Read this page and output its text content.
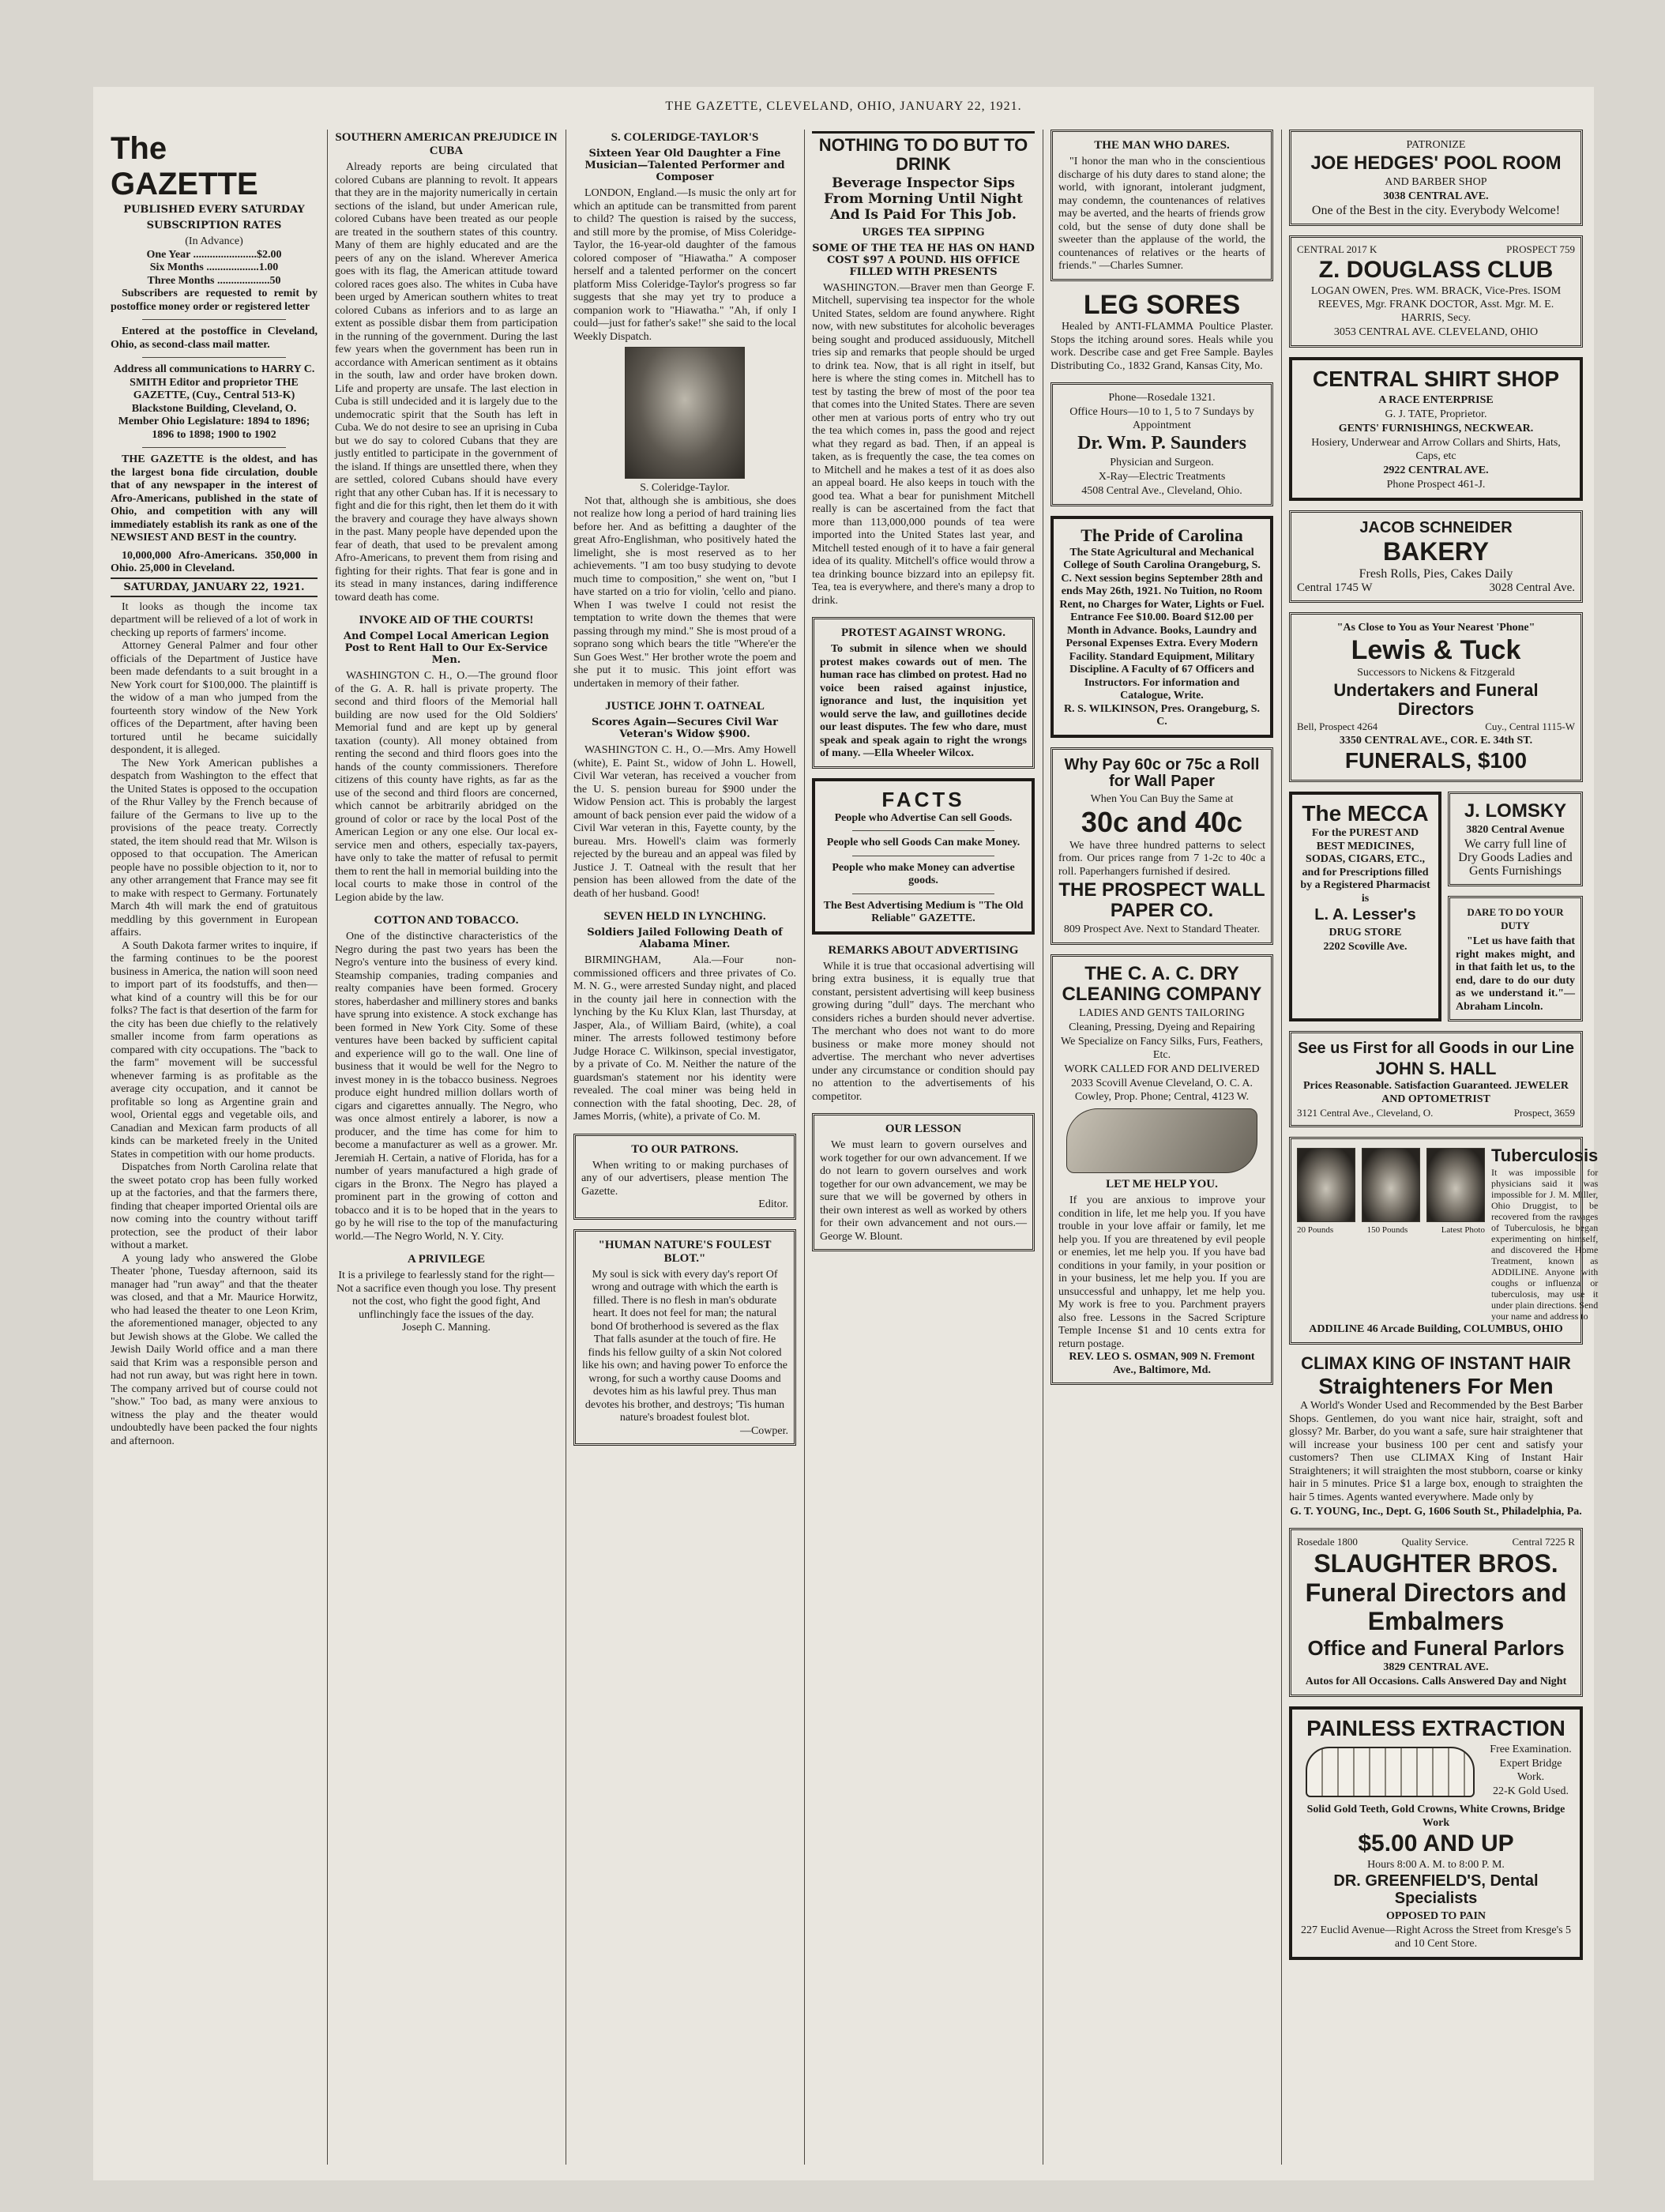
THE GAZETTE, CLEVELAND, OHIO, JANUARY 22, 1921.
The GAZETTE
PUBLISHED EVERY SATURDAY
SUBSCRIPTION RATES

(In Advance)

One Year .......................$2.00

Six Months ...................1.00

Three Months ...................50

Subscribers are requested to remit by postoffice money order or registered letter

Entered at the postoffice in Cleveland, Ohio, as second-class mail matter.

Address all communications to HARRY C. SMITH Editor and proprietor THE GAZETTE, (Cuy., Central 513-K) Blackstone Building, Cleveland, O. Member Ohio Legislature: 1894 to 1896; 1896 to 1898; 1900 to 1902

THE GAZETTE is the oldest, and has the largest bona fide circulation, double that of any newspaper in the interest of Afro-Americans, published in the state of Ohio, and competition with any will immediately establish its rank as one of the NEWSIEST AND BEST in the country.

10,000,000 Afro-Americans. 350,000 in Ohio. 25,000 in Cleveland.

SATURDAY, JANUARY 22, 1921.

It looks as though the income tax department will be relieved of a lot of work in checking up reports of farmers' income.

Attorney General Palmer and four other officials of the Department of Justice have been made defendants to a suit brought in a New York court for $100,000. The plaintiff is the widow of a man who jumped from the fourteenth story window of the New York offices of the Department, after having been tortured until he became suicidally despondent, it is alleged.

The New York American publishes a despatch from Washington to the effect that the United States is opposed to the occupation of the Rhur Valley by the French because of failure of the Germans to live up to the provisions of the peace treaty. Correctly stated, the item should read that Mr. Wilson is opposed to that occupation. The American people have no possible objection to it, nor to any other arrangement that France may see fit to make with respect to Germany. Fortunately March 4th will mark the end of gratuitous meddling by this government in European affairs.

A South Dakota farmer writes to inquire, if the farming continues to be the poorest business in America, the nation will soon need to import part of its foodstuffs, and then—what kind of a country will this be for our folks? The fact is that desertion of the farm for the city has been due chiefly to the relatively smaller income from farm operations as compared with city occupations. The "back to the farm" movement will be successful whenever farming is as profitable as the average city occupation, and it cannot be profitable so long as Argentine grain and wool, Oriental eggs and vegetable oils, and Canadian and Mexican farm products of all kinds can be marketed freely in the United States in competition with our home products.

Dispatches from North Carolina relate that the sweet potato crop has been fully worked up at the factories, and that the farmers there, finding that cheaper imported Oriental oils are now coming into the country without tariff protection, see the product of their labor without a market.

A young lady who answered the Globe Theater 'phone, Tuesday afternoon, said its manager had "run away" and that the theater was closed, and that a Mr. Maurice Horwitz, who had leased the theater to one Leon Krim, the aforementioned manager, objected to any but Jewish shows at the Globe. We called the Jewish Daily World office and a man there said that Krim was a responsible person and had not run away, but was right here in town. The company arrived but of course could not "show." Too bad, as many were anxious to witness the play and the theater would undoubtedly have been packed the four nights and afternoon.

SOUTHERN AMERICAN PREJUDICE IN CUBA

Already reports are being circulated that colored Cubans are planning to revolt. It appears that they are in the majority numerically in certain sections of the island, but under American rule, colored Cubans have been treated as our people are treated in the southern states of this country. Many of them are highly educated and are the peers of any on the island. Wherever America goes with its flag, the American attitude toward colored races goes also. The whites in Cuba have been urged by American southern whites to treat colored Cubans as inferiors and to as large an extent as possible disbar them from participation in the running of the government. During the last few years when the government has been run in accordance with American sentiment as it obtains in the south, law and order have broken down. Life and property are unsafe. The last election in Cuba is still undecided and it is largely due to the undemocratic spirit that the South has left in Cuba. We do not desire to see an uprising in Cuba but we do say to colored Cubans that they are justly entitled to participate in the government of the island. If things are unsettled there, when they are settled, colored Cubans should have every right that any other Cuban has. If it is necessary to fight and die for this right, then let them do it with the bravery and courage they have always shown in the past. Many people have depended upon the fear of death, that used to be prevalent among Afro-Americans, to prevent them from rising and fighting for their rights. That fear is gone and in its stead in many instances, daring indifference toward death has come.

INVOKE AID OF THE COURTS!
And Compel Local American Legion Post to Rent Hall to Our Ex-Service Men.

WASHINGTON C. H., O.—The ground floor of the G. A. R. hall is private property. The second and third floors of the Memorial hall building are now used for the Old Soldiers' Memorial fund and are kept up by general taxation (county). All money obtained from renting the second and third floors goes into the hands of the county commissioners. Therefore citizens of this county have rights, as far as the use of the second and third floors are concerned, which cannot be arbitrarily abridged on the ground of color or race by the local Post of the American Legion or any one else. Our local ex-service men and others, especially tax-payers, have only to take the matter of refusal to permit them to rent the hall in memorial building into the local courts to make those in control of the Legion abide by the law.

COTTON AND TOBACCO.

One of the distinctive characteristics of the Negro during the past two years has been the Negro's venture into the business of every kind. Steamship companies, trading companies and realty companies have been formed. Grocery stores, haberdasher and millinery stores and banks have sprung into existence. A stock exchange has been formed in New York City. Some of these ventures have been backed by sufficient capital and experience will go to the wall. One line of business that it would be well for the Negro to invest money in is the tobacco business. Negroes produce eight hundred million dollars worth of cigars and cigarettes annually. The Negro, who was once almost entirely a laborer, is now a producer, and the time has come for him to become a manufacturer as well as a grower. Mr. Jeremiah H. Certain, a native of Florida, has for a number of years manufactured a high grade of cigars in the Bronx. The Negro has played a prominent part in the growing of cotton and tobacco and it is to be hoped that in the years to go by he will rise to the top of the manufacturing world.—The Negro World, N. Y. City.

A PRIVILEGE

It is a privilege to fearlessly stand for the right— Not a sacrifice even though you lose. Thy present not the cost, who fight the good fight, And unflinchingly face the issues of the day.

Joseph C. Manning.

S. COLERIDGE-TAYLOR'S
Sixteen Year Old Daughter a Fine Musician—Talented Performer and Composer

LONDON, England.—Is music the only art for which an aptitude can be transmitted from parent to child? The question is raised by the success, and still more by the promise, of Miss Coleridge-Taylor, the 16-year-old daughter of the famous colored composer of "Hiawatha." A composer herself and a talented performer on the concert platform Miss Coleridge-Taylor's progress so far suggests that she may yet try to produce a companion work to "Hiawatha." "Ah, if only I could—just for father's sake!" she said to the local Weekly Dispatch.

S. Coleridge-Taylor.

Not that, although she is ambitious, she does not realize how long a period of hard training lies before her. And as befitting a daughter of the great Afro-Englishman, who positively hated the limelight, she is most reserved as to her achievements. "I am too busy studying to devote much time to composition," she went on, "but I have started on a trio for violin, 'cello and piano. When I was twelve I could not resist the temptation to write down the themes that were passing through my mind." She is most proud of a soprano song which bears the title "Where'er the Sun Goes West." Her brother wrote the poem and she put it to music. This joint effort was undertaken in memory of their father.

JUSTICE JOHN T. OATNEAL
Scores Again—Secures Civil War Veteran's Widow $900.

WASHINGTON C. H., O.—Mrs. Amy Howell (white), E. Paint St., widow of John L. Howell, Civil War veteran, has received a voucher from the U. S. pension bureau for $900 under the Widow Pension act. This is probably the largest amount of back pension ever paid the widow of a Civil War veteran in this, Fayette county, by the bureau. Mrs. Howell's claim was formerly rejected by the bureau and an appeal was filed by Justice J. T. Oatneal with the result that her pension has been allowed from the date of the death of her husband. Good!

SEVEN HELD IN LYNCHING.
Soldiers Jailed Following Death of Alabama Miner.

BIRMINGHAM, Ala.—Four non-commissioned officers and three privates of Co. M. N. G., were arrested Sunday night, and placed in the county jail here in connection with the lynching by the Ku Klux Klan, last Thursday, at Jasper, Ala., of William Baird, (white), a coal miner. The arrests followed testimony before Judge Horace C. Wilkinson, special investigator, by a private of Co. M. Neither the nature of the guardsman's statement nor his identity were revealed. The coal miner was being held in connection with the fatal shooting, Dec. 28, of James Morris, (white), a private of Co. M.

TO OUR PATRONS.

When writing to or making purchases of any of our advertisers, please mention The Gazette.

Editor.

"HUMAN NATURE'S FOULEST BLOT."

My soul is sick with every day's report Of wrong and outrage with which the earth is filled. There is no flesh in man's obdurate heart. It does not feel for man; the natural bond Of brotherhood is severed as the flax That falls asunder at the touch of fire. He finds his fellow guilty of a skin Not colored like his own; and having power To enforce the wrong, for such a worthy cause Dooms and devotes him as his lawful prey. Thus man devotes his brother, and destroys; 'Tis human nature's broadest foulest blot.

—Cowper.

NOTHING TO DO BUT TO DRINK
Beverage Inspector Sips From Morning Until Night And Is Paid For This Job.
URGES TEA SIPPING
SOME OF THE TEA HE HAS ON HAND COST $97 A POUND. HIS OFFICE FILLED WITH PRESENTS

WASHINGTON.—Braver men than George F. Mitchell, supervising tea inspector for the whole United States, seldom are found anywhere. Right now, with new substitutes for alcoholic beverages being sought and produced assiduously, Mitchell tries sip and remarks that people should be urged to drink tea. Now, that is all right in itself, but here is where the sting comes in. Mitchell has to test by tasting the brew of most of the poor tea that comes into the United States. There are seven other men at various ports of entry who try out the tea which comes in, pass the good and reject what they regard as bad. Then, if an appeal is taken, as is frequently the case, the tea comes on to Mitchell and he makes a test of it as does also an appeal board. He also keeps in touch with the good tea. What a bear for punishment Mitchell really is can be ascertained from the fact that more than 113,000,000 pounds of tea were imported into the United States last year, and Mitchell tested enough of it to have a fair general idea of its quality. Mitchell's office would throw a tea drinking bounce bizzard into an epilepsy fit. Tea, tea is everywhere, and there's many a drop to drink.

PROTEST AGAINST WRONG.

To submit in silence when we should protest makes cowards out of men. The human race has climbed on protest. Had no voice been raised against injustice, ignorance and lust, the inquisition yet would serve the law, and guillotines decide our least disputes. The few who dare, must speak and speak again to right the wrongs of many. —Ella Wheeler Wilcox.

FACTS

People who Advertise Can sell Goods.

People who sell Goods Can make Money.

People who make Money can advertise goods.

The Best Advertising Medium is "The Old Reliable" GAZETTE.

REMARKS ABOUT ADVERTISING

While it is true that occasional advertising will bring extra business, it is equally true that constant, persistent advertising will keep business growing during "dull" days. The merchant who considers riches a burden should never advertise. The merchant who does not want to do more business or make more money should not advertise. The merchant who never advertises under any circumstance or condition should pay no attention to the advertisements of his competitor.

OUR LESSON

We must learn to govern ourselves and work together for our own advancement. If we do not learn to govern ourselves and work together for our own advancement, we may be sure that we will be governed by others in their own interest as well as worked by others for their own advancement and not ours.—George W. Blount.

THE MAN WHO DARES.

"I honor the man who in the conscientious discharge of his duty dares to stand alone; the world, with ignorant, intolerant judgment, may condemn, the countenances of relatives may be averted, and the hearts of friends grow cold, but the sense of duty done shall be sweeter than the applause of the world, the countenances of relatives or the hearts of friends." —Charles Sumner.

LEG SORES

Healed by ANTI-FLAMMA Poultice Plaster. Stops the itching around sores. Heals while you work. Describe case and get Free Sample. Bayles Distributing Co., 1832 Grand, Kansas City, Mo.

Phone—Rosedale 1321.

Office Hours—10 to 1, 5 to 7 Sundays by Appointment

Dr. Wm. P. Saunders

Physician and Surgeon.

X-Ray—Electric Treatments

4508 Central Ave., Cleveland, Ohio.

The Pride of Carolina

The State Agricultural and Mechanical College of South Carolina Orangeburg, S. C. Next session begins September 28th and ends May 26th, 1921. No Tuition, no Room Rent, no Charges for Water, Lights or Fuel. Entrance Fee $10.00. Board $12.00 per Month in Advance. Books, Laundry and Personal Expenses Extra. Every Modern Facility. Standard Equipment, Military Discipline. A Faculty of 67 Officers and Instructors. For information and Catalogue, Write.

R. S. WILKINSON, Pres. Orangeburg, S. C.

Why Pay 60c or 75c a Roll for Wall Paper

When You Can Buy the Same at

30c and 40c

We have three hundred patterns to select from. Our prices range from 7 1-2c to 40c a roll. Paperhangers furnished if desired.

THE PROSPECT WALL PAPER CO.

809 Prospect Ave. Next to Standard Theater.

THE C. A. C. DRY CLEANING COMPANY

LADIES AND GENTS TAILORING

Cleaning, Pressing, Dyeing and Repairing

We Specialize on Fancy Silks, Furs, Feathers, Etc.

WORK CALLED FOR AND DELIVERED

2033 Scovill Avenue Cleveland, O. C. A. Cowley, Prop. Phone; Central, 4123 W.

LET ME HELP YOU.

If you are anxious to improve your condition in life, let me help you. If you have trouble in your love affair or family, let me help you. If you are threatened by evil people or enemies, let me help you. If you have bad conditions in your family, in your position or in your business, let me help you. If you are unsuccessful and unhappy, let me help you. My work is free to you. Parchment prayers also free. Lessons in the Sacred Scripture Temple Incense $1 and 10 cents extra for return postage.

REV. LEO S. OSMAN, 909 N. Fremont Ave., Baltimore, Md.

PATRONIZE

JOE HEDGES' POOL ROOM

AND BARBER SHOP

3038 CENTRAL AVE.

One of the Best in the city. Everybody Welcome!

CENTRAL 2017 K	PROSPECT 759
Z. DOUGLASS CLUB

LOGAN OWEN, Pres. WM. BRACK, Vice-Pres. ISOM REEVES, Mgr. FRANK DOCTOR, Asst. Mgr. M. E. HARRIS, Secy.

3053 CENTRAL AVE. CLEVELAND, OHIO

CENTRAL SHIRT SHOP

A RACE ENTERPRISE

G. J. TATE, Proprietor.

GENTS' FURNISHINGS, NECKWEAR.

Hosiery, Underwear and Arrow Collars and Shirts, Hats, Caps, etc

2922 CENTRAL AVE.

Phone Prospect 461-J.

JACOB SCHNEIDER
BAKERY

Fresh Rolls, Pies, Cakes Daily

Central 1745 W	3028 Central Ave.

"As Close to You as Your Nearest 'Phone"

Lewis & Tuck

Successors to Nickens & Fitzgerald

Undertakers and Funeral Directors
Bell, Prospect 4264	Cuy., Central 1115-W

3350 CENTRAL AVE., COR. E. 34th ST.

FUNERALS, $100
The MECCA

For the PUREST AND BEST MEDICINES, SODAS, CIGARS, ETC., and for Prescriptions filled by a Registered Pharmacist is

L. A. Lesser's

DRUG STORE

2202 Scoville Ave.

J. LOMSKY

3820 Central Avenue

We carry full line of Dry Goods Ladies and Gents Furnishings

DARE TO DO YOUR DUTY

"Let us have faith that right makes might, and in that faith let us, to the end, dare to do our duty as we understand it."—Abraham Lincoln.

See us First for all Goods in our Line
JOHN S. HALL

Prices Reasonable. Satisfaction Guaranteed. JEWELER AND OPTOMETRIST

3121 Central Ave., Cleveland, O.	Prospect, 3659
20 Pounds	150 Pounds	Latest Photo
Tuberculosis

It was impossible for physicians said it was impossible for J. M. Miller, Ohio Druggist, to be recovered from the ravages of Tuberculosis, he began experimenting on himself, and discovered the Home Treatment, known as ADDILINE. Anyone with coughs or influenza or tuberculosis, may use it under plain directions. Send your name and address to

ADDILINE 46 Arcade Building, COLUMBUS, OHIO

CLIMAX KING OF INSTANT HAIR
Straighteners For Men

A World's Wonder Used and Recommended by the Best Barber Shops. Gentlemen, do you want nice hair, straight, soft and glossy? Mr. Barber, do you want a safe, sure hair straightener that will increase your business 100 per cent and satisfy your customers? Then use CLIMAX King of Instant Hair Straighteners; it will straighten the most stubborn, coarse or kinky hair in 5 minutes. Price $1 a large box, enough to straighten the hair 5 times. Agents wanted everywhere. Made only by

G. T. YOUNG, Inc., Dept. G, 1606 South St., Philadelphia, Pa.

Rosedale 1800	Quality Service.	Central 7225 R
SLAUGHTER BROS.
Funeral Directors and
Embalmers
Office and Funeral Parlors

3829 CENTRAL AVE.

Autos for All Occasions. Calls Answered Day and Night

PAINLESS EXTRACTION

Free Examination.

Expert Bridge Work.

22-K Gold Used.

Solid Gold Teeth, Gold Crowns, White Crowns, Bridge Work

$5.00 AND UP

Hours 8:00 A. M. to 8:00 P. M.

DR. GREENFIELD'S, Dental Specialists

OPPOSED TO PAIN

227 Euclid Avenue—Right Across the Street from Kresge's 5 and 10 Cent Store.
